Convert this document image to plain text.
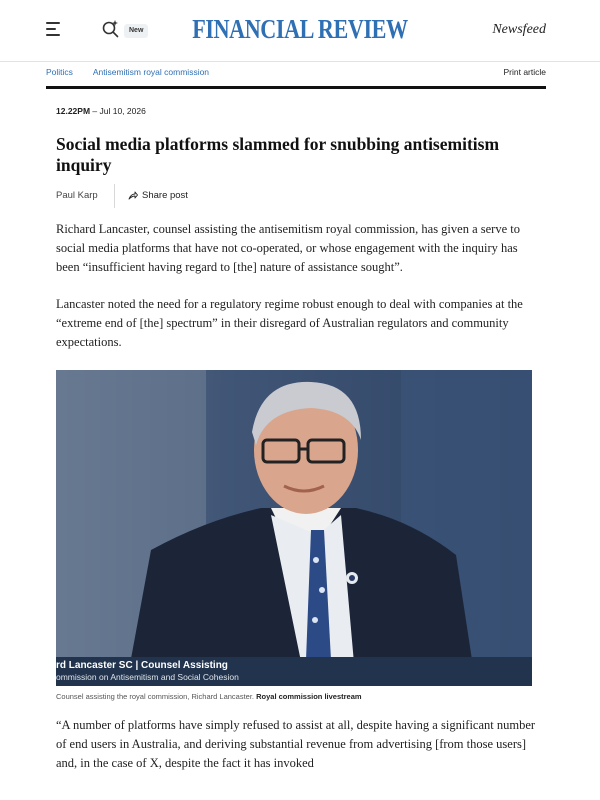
New	FINANCIAL REVIEW	Newsfeed
Politics Antisemitism royal commission	Print article
12.22PM – Jul 10, 2026
Social media platforms slammed for snubbing antisemitism inquiry
Paul Karp	Share post

Richard Lancaster, counsel assisting the antisemitism royal commission, has given a serve to social media platforms that have not co-operated, or whose engagement with the inquiry has been “insufficient having regard to [the] nature of assistance sought”.

Lancaster noted the need for a regulatory regime robust enough to deal with companies at the “extreme end of [the] spectrum” in their disregard of Australian regulators and community expectations.

rd Lancaster SC | Counsel Assisting
ommission on Antisemitism and Social Cohesion
Counsel assisting the royal commission, Richard Lancaster. Royal commission livestream

“A number of platforms have simply refused to assist at all, despite having a significant number of end users in Australia, and deriving substantial revenue from advertising [from those users] and, in the case of X, despite the fact it has invoked
